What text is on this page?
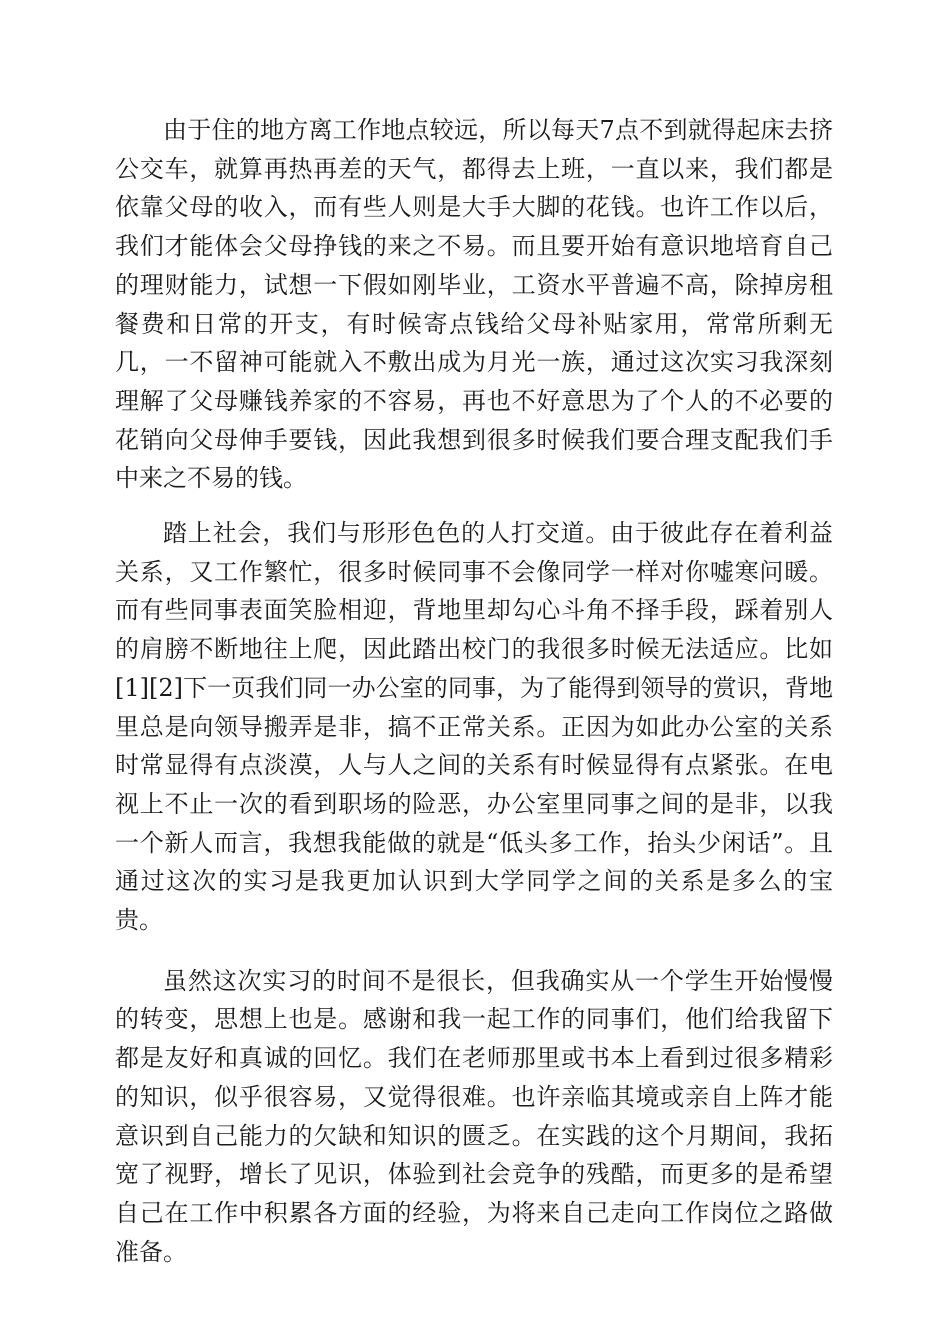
由于住的地方离工作地点较远，所以每天7点不到就得起床去挤公交车，就算再热再差的天气，都得去上班，一直以来，我们都是依靠父母的收入，而有些人则是大手大脚的花钱。也许工作以后，我们才能体会父母挣钱的来之不易。而且要开始有意识地培育自己的理财能力，试想一下假如刚毕业，工资水平普遍不高，除掉房租餐费和日常的开支，有时候寄点钱给父母补贴家用，常常所剩无几，一不留神可能就入不敷出成为月光一族，通过这次实习我深刻理解了父母赚钱养家的不容易，再也不好意思为了个人的不必要的花销向父母伸手要钱，因此我想到很多时候我们要合理支配我们手中来之不易的钱。

踏上社会，我们与形形色色的人打交道。由于彼此存在着利益关系，又工作繁忙，很多时候同事不会像同学一样对你嘘寒问暖。而有些同事表面笑脸相迎，背地里却勾心斗角不择手段，踩着别人的肩膀不断地往上爬，因此踏出校门的我很多时候无法适应。比如[1][2]下一页我们同一办公室的同事，为了能得到领导的赏识，背地里总是向领导搬弄是非，搞不正常关系。正因为如此办公室的关系时常显得有点淡漠，人与人之间的关系有时候显得有点紧张。在电视上不止一次的看到职场的险恶，办公室里同事之间的是非，以我一个新人而言，我想我能做的就是“低头多工作，抬头少闲话”。且通过这次的实习是我更加认识到大学同学之间的关系是多么的宝贵。

虽然这次实习的时间不是很长，但我确实从一个学生开始慢慢的转变，思想上也是。感谢和我一起工作的同事们，他们给我留下都是友好和真诚的回忆。我们在老师那里或书本上看到过很多精彩的知识，似乎很容易，又觉得很难。也许亲临其境或亲自上阵才能意识到自己能力的欠缺和知识的匮乏。在实践的这个月期间，我拓宽了视野，增长了见识，体验到社会竞争的残酷，而更多的是希望自己在工作中积累各方面的经验，为将来自己走向工作岗位之路做准备。
